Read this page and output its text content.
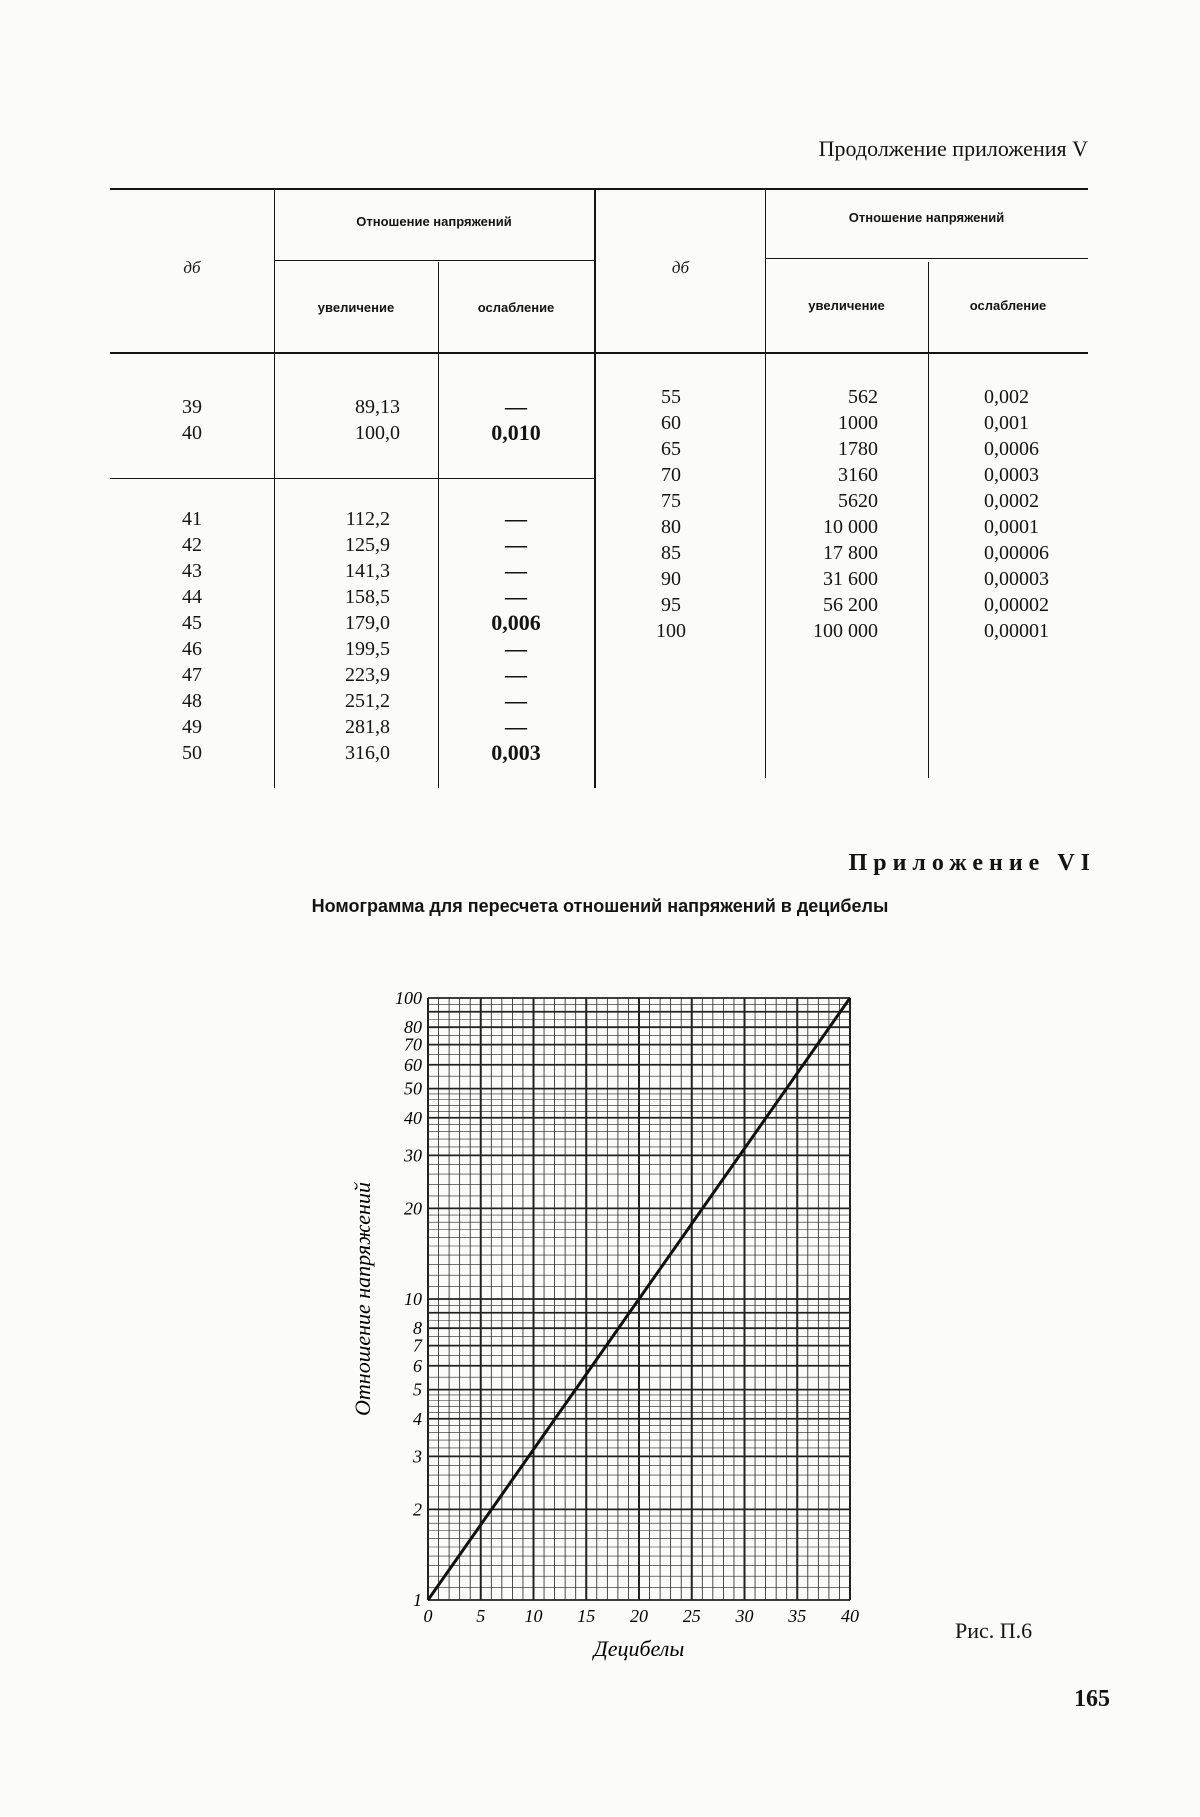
Продолжение приложения V
дб
Отношение напряжений
увеличение	ослабление
дб
Отношение напряжений
увеличение	ослабление
39
40
89,13
100,0
—
0,010
41
42
43
44
45
46
47
48
49
50
112,2
125,9
141,3
158,5
179,0
199,5
223,9
251,2
281,8
316,0
—
—
—
—
0,006
—
—
—
—
0,003
55
60
65
70
75
80
85
90
95
100
562
1000
1780
3160
5620
10 000
17 800
31 600
56 200
100 000
0,002
0,001
0,0006
0,0003
0,0002
0,0001
0,00006
0,00003
0,00002
0,00001
Приложение VI
Номограмма для пересчета отношений напряжений в децибелы
1
2
3
4
5
6
7
8
10
20
30
40
50
60
70
80
100
0 5 10 15 20 25 30 35 40
Отношение напряжений
Децибелы
Рис. П.6
165
